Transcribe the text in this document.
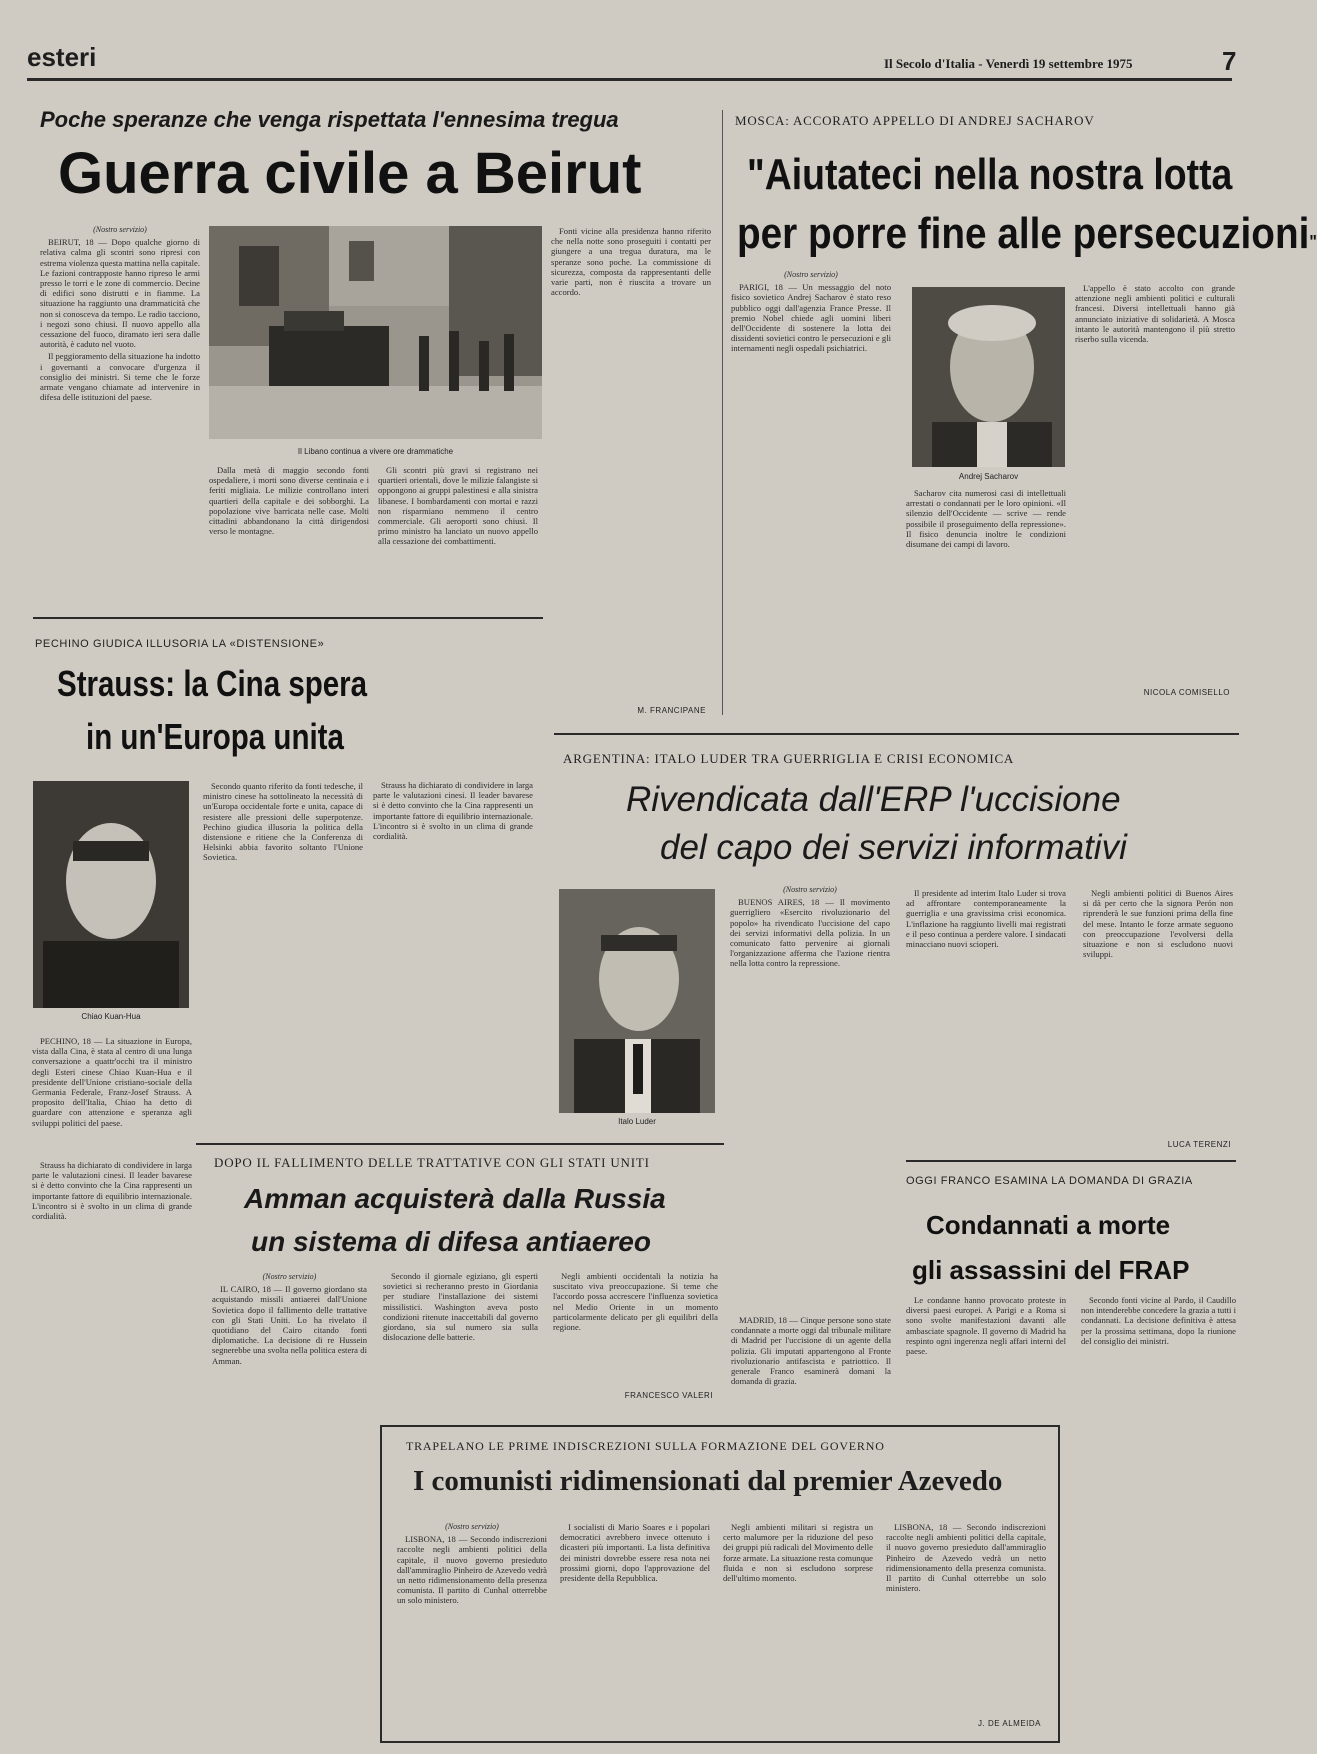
esteri	Il Secolo d'Italia - Venerdì 19 settembre 1975	7
Poche speranze che venga rispettata l'ennesima tregua
Guerra civile a Beirut

(Nostro servizio)

BEIRUT, 18 — Dopo qualche giorno di relativa calma gli scontri sono ripresi con estrema violenza questa mattina nella capitale. Le fazioni contrapposte hanno ripreso le armi presso le torri e le zone di commercio. Decine di edifici sono distrutti e in fiamme. La situazione ha raggiunto una drammaticità che non si conosceva da tempo. Le radio tacciono, i negozi sono chiusi. Il nuovo appello alla cessazione del fuoco, diramato ieri sera dalle autorità, è caduto nel vuoto.

Il peggioramento della situazione ha indotto i governanti a convocare d'urgenza il consiglio dei ministri. Si teme che le forze armate vengano chiamate ad intervenire in difesa delle istituzioni del paese.

Il Libano continua a vivere ore drammatiche

Dalla metà di maggio secondo fonti ospedaliere, i morti sono diverse centinaia e i feriti migliaia. Le milizie controllano interi quartieri della capitale e dei sobborghi. La popolazione vive barricata nelle case. Molti cittadini abbandonano la città dirigendosi verso le montagne.

Gli scontri più gravi si registrano nei quartieri orientali, dove le milizie falangiste si oppongono ai gruppi palestinesi e alla sinistra libanese. I bombardamenti con mortai e razzi non risparmiano nemmeno il centro commerciale. Gli aeroporti sono chiusi. Il primo ministro ha lanciato un nuovo appello alla cessazione dei combattimenti.

Fonti vicine alla presidenza hanno riferito che nella notte sono proseguiti i contatti per giungere a una tregua duratura, ma le speranze sono poche. La commissione di sicurezza, composta da rappresentanti delle varie parti, non è riuscita a trovare un accordo.

M. FRANCIPANE
MOSCA: ACCORATO APPELLO DI ANDREJ SACHAROV
"Aiutateci nella nostra lotta
per porre fine alle persecuzioni"

(Nostro servizio)

PARIGI, 18 — Un messaggio del noto fisico sovietico Andrej Sacharov è stato reso pubblico oggi dall'agenzia France Presse. Il premio Nobel chiede agli uomini liberi dell'Occidente di sostenere la lotta dei dissidenti sovietici contro le persecuzioni e gli internamenti negli ospedali psichiatrici.

Andrej Sacharov

Sacharov cita numerosi casi di intellettuali arrestati o condannati per le loro opinioni. «Il silenzio dell'Occidente — scrive — rende possibile il proseguimento della repressione». Il fisico denuncia inoltre le condizioni disumane dei campi di lavoro.

L'appello è stato accolto con grande attenzione negli ambienti politici e culturali francesi. Diversi intellettuali hanno già annunciato iniziative di solidarietà. A Mosca intanto le autorità mantengono il più stretto riserbo sulla vicenda.

NICOLA COMISELLO
PECHINO GIUDICA ILLUSORIA LA «DISTENSIONE»
Strauss: la Cina spera
in un'Europa unita
Chiao Kuan-Hua

PECHINO, 18 — La situazione in Europa, vista dalla Cina, è stata al centro di una lunga conversazione a quattr'occhi tra il ministro degli Esteri cinese Chiao Kuan-Hua e il presidente dell'Unione cristiano-sociale della Germania Federale, Franz-Josef Strauss. A proposito dell'Italia, Chiao ha detto di guardare con attenzione e speranza agli sviluppi politici del paese.

Secondo quanto riferito da fonti tedesche, il ministro cinese ha sottolineato la necessità di un'Europa occidentale forte e unita, capace di resistere alle pressioni delle superpotenze. Pechino giudica illusoria la politica della distensione e ritiene che la Conferenza di Helsinki abbia favorito soltanto l'Unione Sovietica.

Strauss ha dichiarato di condividere in larga parte le valutazioni cinesi. Il leader bavarese si è detto convinto che la Cina rappresenti un importante fattore di equilibrio internazionale. L'incontro si è svolto in un clima di grande cordialità.

ARGENTINA: ITALO LUDER TRA GUERRIGLIA E CRISI ECONOMICA
Rivendicata dall'ERP l'uccisione
del capo dei servizi informativi
Italo Luder

(Nostro servizio)

BUENOS AIRES, 18 — Il movimento guerrigliero «Esercito rivoluzionario del popolo» ha rivendicato l'uccisione del capo dei servizi informativi della polizia. In un comunicato fatto pervenire ai giornali l'organizzazione afferma che l'azione rientra nella lotta contro la repressione.

Il presidente ad interim Italo Luder si trova ad affrontare contemporaneamente la guerriglia e una gravissima crisi economica. L'inflazione ha raggiunto livelli mai registrati e il peso continua a perdere valore. I sindacati minacciano nuovi scioperi.

Negli ambienti politici di Buenos Aires si dà per certo che la signora Perón non riprenderà le sue funzioni prima della fine del mese. Intanto le forze armate seguono con preoccupazione l'evolversi della situazione e non si escludono nuovi sviluppi.

LUCA TERENZI
DOPO IL FALLIMENTO DELLE TRATTATIVE CON GLI STATI UNITI
Amman acquisterà dalla Russia
un sistema di difesa antiaereo

(Nostro servizio)

IL CAIRO, 18 — Il governo giordano sta acquistando missili antiaerei dall'Unione Sovietica dopo il fallimento delle trattative con gli Stati Uniti. Lo ha rivelato il quotidiano del Cairo citando fonti diplomatiche. La decisione di re Hussein segnerebbe una svolta nella politica estera di Amman.

Secondo il giornale egiziano, gli esperti sovietici si recheranno presto in Giordania per studiare l'installazione dei sistemi missilistici. Washington aveva posto condizioni ritenute inaccettabili dal governo giordano, sia sul numero sia sulla dislocazione delle batterie.

Negli ambienti occidentali la notizia ha suscitato viva preoccupazione. Si teme che l'accordo possa accrescere l'influenza sovietica nel Medio Oriente in un momento particolarmente delicato per gli equilibri della regione.

FRANCESCO VALERI
OGGI FRANCO ESAMINA LA DOMANDA DI GRAZIA
Condannati a morte
gli assassini del FRAP

MADRID, 18 — Cinque persone sono state condannate a morte oggi dal tribunale militare di Madrid per l'uccisione di un agente della polizia. Gli imputati appartengono al Fronte rivoluzionario antifascista e patriottico. Il generale Franco esaminerà domani la domanda di grazia.

Le condanne hanno provocato proteste in diversi paesi europei. A Parigi e a Roma si sono svolte manifestazioni davanti alle ambasciate spagnole. Il governo di Madrid ha respinto ogni ingerenza negli affari interni del paese.

Secondo fonti vicine al Pardo, il Caudillo non intenderebbe concedere la grazia a tutti i condannati. La decisione definitiva è attesa per la prossima settimana, dopo la riunione del consiglio dei ministri.

Strauss ha dichiarato di condividere in larga parte le valutazioni cinesi. Il leader bavarese si è detto convinto che la Cina rappresenti un importante fattore di equilibrio internazionale. L'incontro si è svolto in un clima di grande cordialità.

TRAPELANO LE PRIME INDISCREZIONI SULLA FORMAZIONE DEL GOVERNO
I comunisti ridimensionati dal premier Azevedo

(Nostro servizio)

LISBONA, 18 — Secondo indiscrezioni raccolte negli ambienti politici della capitale, il nuovo governo presieduto dall'ammiraglio Pinheiro de Azevedo vedrà un netto ridimensionamento della presenza comunista. Il partito di Cunhal otterrebbe un solo ministero.

I socialisti di Mario Soares e i popolari democratici avrebbero invece ottenuto i dicasteri più importanti. La lista definitiva dei ministri dovrebbe essere resa nota nei prossimi giorni, dopo l'approvazione del presidente della Repubblica.

Negli ambienti militari si registra un certo malumore per la riduzione del peso dei gruppi più radicali del Movimento delle forze armate. La situazione resta comunque fluida e non si escludono sorprese dell'ultimo momento.

LISBONA, 18 — Secondo indiscrezioni raccolte negli ambienti politici della capitale, il nuovo governo presieduto dall'ammiraglio Pinheiro de Azevedo vedrà un netto ridimensionamento della presenza comunista. Il partito di Cunhal otterrebbe un solo ministero.

J. DE ALMEIDA
